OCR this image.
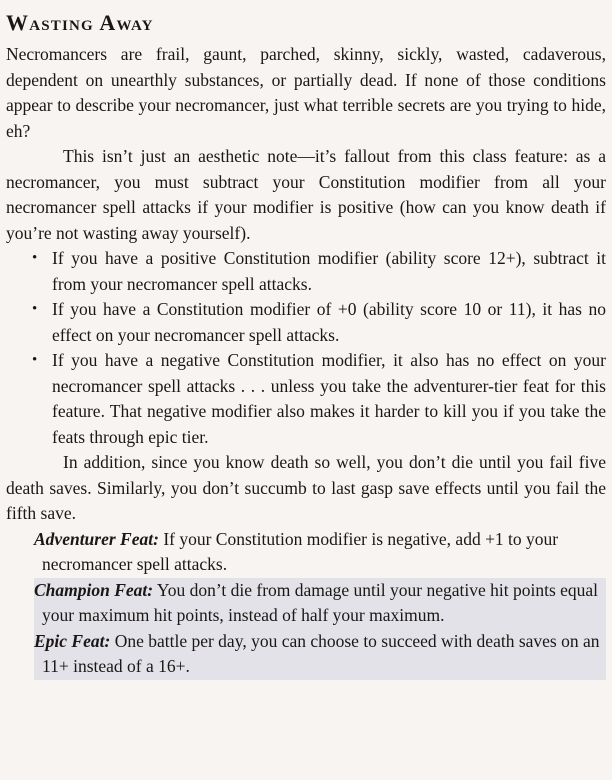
Wasting Away

Necromancers are frail, gaunt, parched, skinny, sickly, wasted, cadaverous, dependent on unearthly substances, or partially dead. If none of those conditions appear to describe your necromancer, just what terrible secrets are you trying to hide, eh?

This isn’t just an aesthetic note—it’s fallout from this class feature: as a necromancer, you must subtract your Constitution modifier from all your necromancer spell attacks if your modifier is positive (how can you know death if you’re not wasting away yourself).

• If you have a positive Constitution modifier (ability score 12+), subtract it from your necromancer spell attacks.
• If you have a Constitution modifier of +0 (ability score 10 or 11), it has no effect on your necromancer spell attacks.
• If you have a negative Constitution modifier, it also has no effect on your necromancer spell attacks . . . unless you take the adventurer-tier feat for this feature. That negative modifier also makes it harder to kill you if you take the feats through epic tier.

In addition, since you know death so well, you don’t die until you fail five death saves. Similarly, you don’t succumb to last gasp save effects until you fail the fifth save.

Adventurer Feat: If your Constitution modifier is negative, add +1 to your necromancer spell attacks.
Champion Feat: You don’t die from damage until your negative hit points equal your maximum hit points, instead of half your maximum.
Epic Feat: One battle per day, you can choose to succeed with death saves on an 11+ instead of a 16+.
